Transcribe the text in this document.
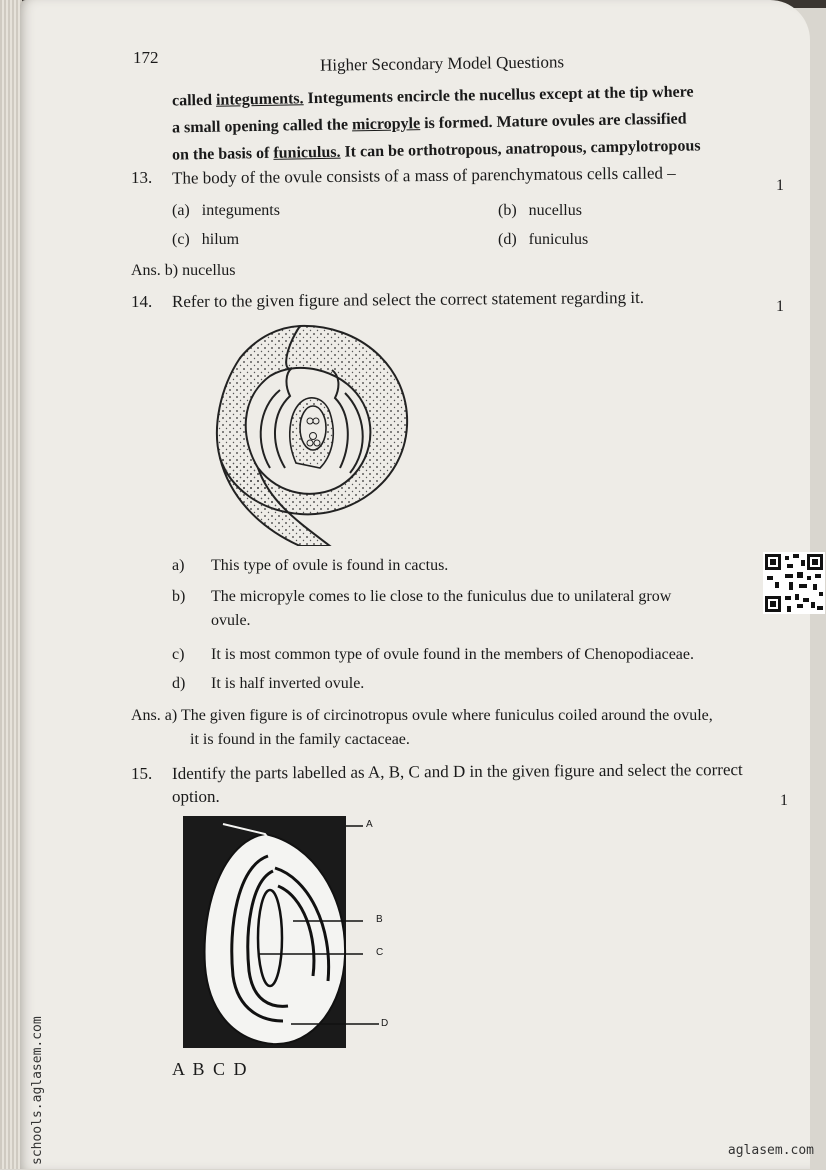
172	Higher Secondary Model Questions
called integuments. Integuments encircle the nucellus except at the tip where
a small opening called the micropyle is formed. Mature ovules are classified
on the basis of funiculus. It can be orthotropous, anatropous, campylotropous
13. The body of the ovule consists of a mass of parenchymatous cells called –	1
(a) integuments	(b) nucellus
(c) hilum	(d) funiculus
Ans. b) nucellus
14. Refer to the given figure and select the correct statement regarding it.	1
a) This type of ovule is found in cactus.
b) The micropyle comes to lie close to the funiculus due to unilateral grow
ovule.
c) It is most common type of ovule found in the members of Chenopodiaceae.
d) It is half inverted ovule.
Ans. a) The given figure is of circinotropus ovule where funiculus coiled around the ovule,
it is found in the family cactaceae.
15. Identify the parts labelled as A, B, C and D in the given figure and select the correct
option.	1
A
B
C
D
A B C D
schools.aglasem.com	aglasem.com
